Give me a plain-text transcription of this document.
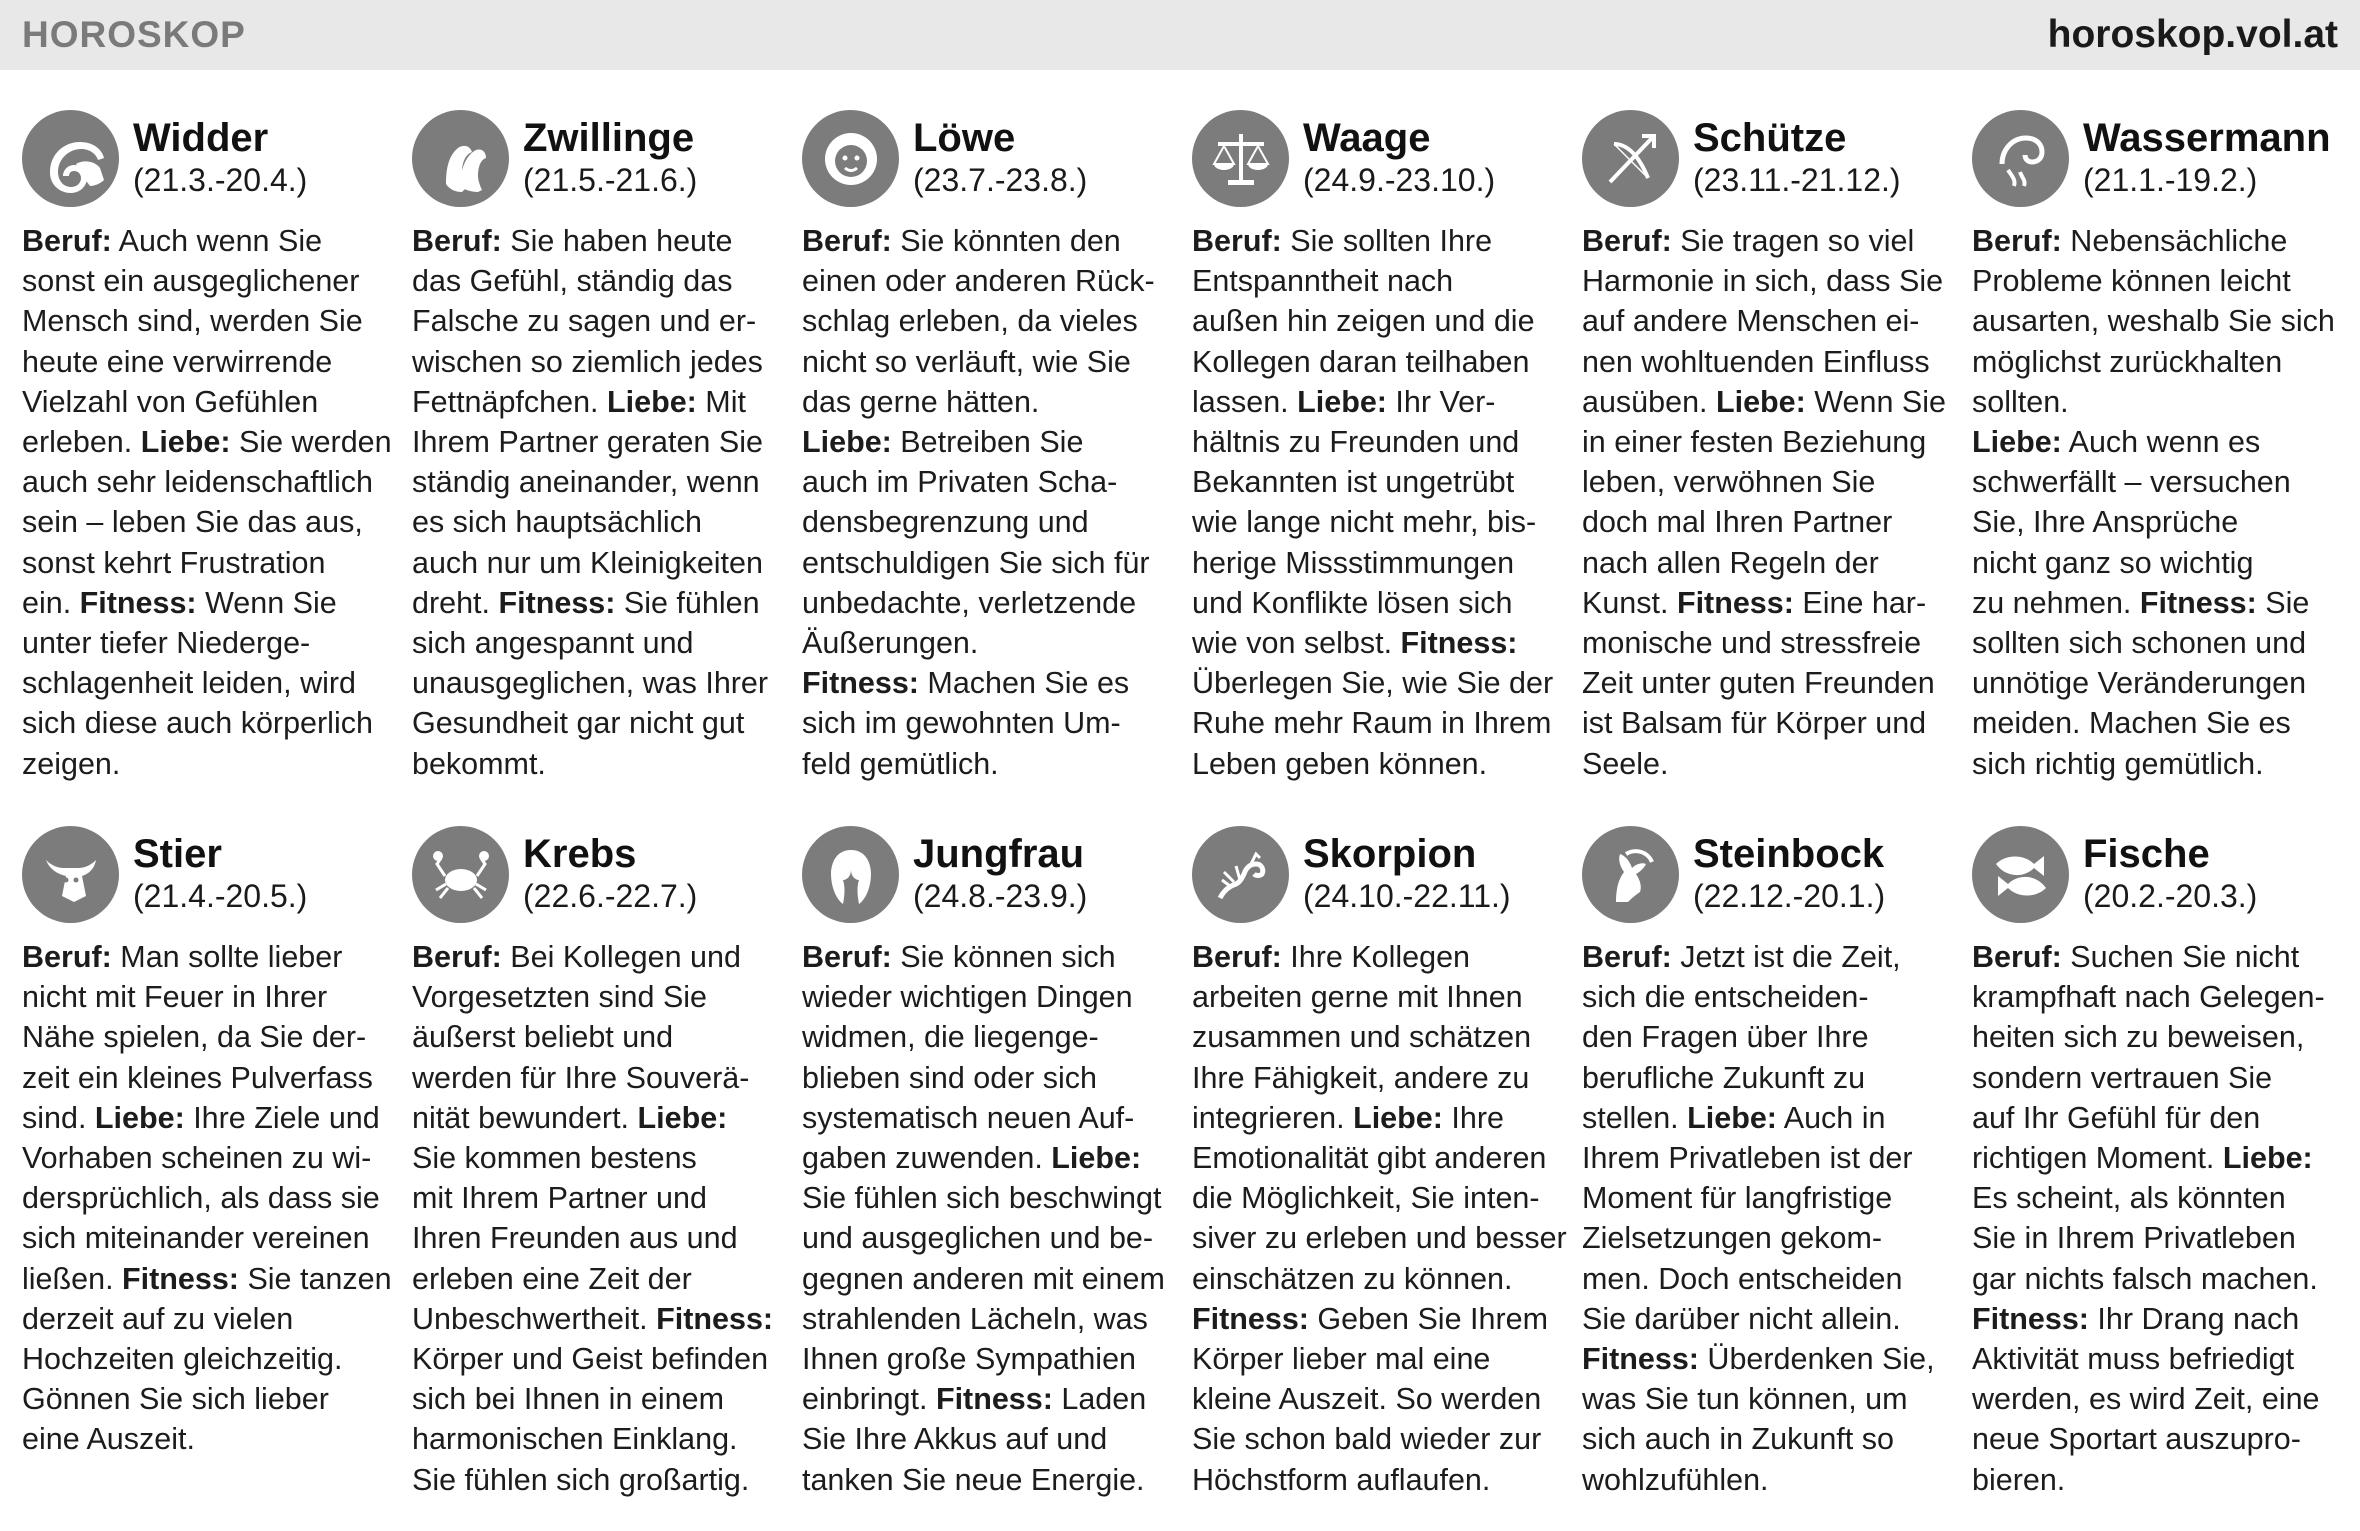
HOROSKOP	horoskop.vol.at
Widder
(21.3.-20.4.)
Beruf: Auch wenn Sie
sonst ein ausgeglichener
Mensch sind, werden Sie
heute eine verwirrende
Vielzahl von Gefühlen
erleben. Liebe: Sie werden
auch sehr leidenschaftlich
sein – leben Sie das aus,
sonst kehrt Frustration
ein. Fitness: Wenn Sie
unter tiefer Niederge-
schlagenheit leiden, wird
sich diese auch körperlich
zeigen.
Zwillinge
(21.5.-21.6.)
Beruf: Sie haben heute
das Gefühl, ständig das
Falsche zu sagen und er-
wischen so ziemlich jedes
Fettnäpfchen. Liebe: Mit
Ihrem Partner geraten Sie
ständig aneinander, wenn
es sich hauptsächlich
auch nur um Kleinigkeiten
dreht. Fitness: Sie fühlen
sich angespannt und
unausgeglichen, was Ihrer
Gesundheit gar nicht gut
bekommt.
Löwe
(23.7.-23.8.)
Beruf: Sie könnten den
einen oder anderen Rück-
schlag erleben, da vieles
nicht so verläuft, wie Sie
das gerne hätten.
Liebe: Betreiben Sie
auch im Privaten Scha-
densbegrenzung und
entschuldigen Sie sich für
unbedachte, verletzende
Äußerungen.
Fitness: Machen Sie es
sich im gewohnten Um-
feld gemütlich.
Waage
(24.9.-23.10.)
Beruf: Sie sollten Ihre
Entspanntheit nach
außen hin zeigen und die
Kollegen daran teilhaben
lassen. Liebe: Ihr Ver-
hältnis zu Freunden und
Bekannten ist ungetrübt
wie lange nicht mehr, bis-
herige Missstimmungen
und Konflikte lösen sich
wie von selbst. Fitness:
Überlegen Sie, wie Sie der
Ruhe mehr Raum in Ihrem
Leben geben können.
Schütze
(23.11.-21.12.)
Beruf: Sie tragen so viel
Harmonie in sich, dass Sie
auf andere Menschen ei-
nen wohltuenden Einfluss
ausüben. Liebe: Wenn Sie
in einer festen Beziehung
leben, verwöhnen Sie
doch mal Ihren Partner
nach allen Regeln der
Kunst. Fitness: Eine har-
monische und stressfreie
Zeit unter guten Freunden
ist Balsam für Körper und
Seele.
Wassermann
(21.1.-19.2.)
Beruf: Nebensächliche
Probleme können leicht
ausarten, weshalb Sie sich
möglichst zurückhalten
sollten.
Liebe: Auch wenn es
schwerfällt – versuchen
Sie, Ihre Ansprüche
nicht ganz so wichtig
zu nehmen. Fitness: Sie
sollten sich schonen und
unnötige Veränderungen
meiden. Machen Sie es
sich richtig gemütlich.
Stier
(21.4.-20.5.)
Beruf: Man sollte lieber
nicht mit Feuer in Ihrer
Nähe spielen, da Sie der-
zeit ein kleines Pulverfass
sind. Liebe: Ihre Ziele und
Vorhaben scheinen zu wi-
dersprüchlich, als dass sie
sich miteinander vereinen
ließen. Fitness: Sie tanzen
derzeit auf zu vielen
Hochzeiten gleichzeitig.
Gönnen Sie sich lieber
eine Auszeit.
Krebs
(22.6.-22.7.)
Beruf: Bei Kollegen und
Vorgesetzten sind Sie
äußerst beliebt und
werden für Ihre Souverä-
nität bewundert. Liebe:
Sie kommen bestens
mit Ihrem Partner und
Ihren Freunden aus und
erleben eine Zeit der
Unbeschwertheit. Fitness:
Körper und Geist befinden
sich bei Ihnen in einem
harmonischen Einklang.
Sie fühlen sich großartig.
Jungfrau
(24.8.-23.9.)
Beruf: Sie können sich
wieder wichtigen Dingen
widmen, die liegenge-
blieben sind oder sich
systematisch neuen Auf-
gaben zuwenden. Liebe:
Sie fühlen sich beschwingt
und ausgeglichen und be-
gegnen anderen mit einem
strahlenden Lächeln, was
Ihnen große Sympathien
einbringt. Fitness: Laden
Sie Ihre Akkus auf und
tanken Sie neue Energie.
Skorpion
(24.10.-22.11.)
Beruf: Ihre Kollegen
arbeiten gerne mit Ihnen
zusammen und schätzen
Ihre Fähigkeit, andere zu
integrieren. Liebe: Ihre
Emotionalität gibt anderen
die Möglichkeit, Sie inten-
siver zu erleben und besser
einschätzen zu können.
Fitness: Geben Sie Ihrem
Körper lieber mal eine
kleine Auszeit. So werden
Sie schon bald wieder zur
Höchstform auflaufen.
Steinbock
(22.12.-20.1.)
Beruf: Jetzt ist die Zeit,
sich die entscheiden-
den Fragen über Ihre
berufliche Zukunft zu
stellen. Liebe: Auch in
Ihrem Privatleben ist der
Moment für langfristige
Zielsetzungen gekom-
men. Doch entscheiden
Sie darüber nicht allein.
Fitness: Überdenken Sie,
was Sie tun können, um
sich auch in Zukunft so
wohlzufühlen.
Fische
(20.2.-20.3.)
Beruf: Suchen Sie nicht
krampfhaft nach Gelegen-
heiten sich zu beweisen,
sondern vertrauen Sie
auf Ihr Gefühl für den
richtigen Moment. Liebe:
Es scheint, als könnten
Sie in Ihrem Privatleben
gar nichts falsch machen.
Fitness: Ihr Drang nach
Aktivität muss befriedigt
werden, es wird Zeit, eine
neue Sportart auszupro-
bieren.
